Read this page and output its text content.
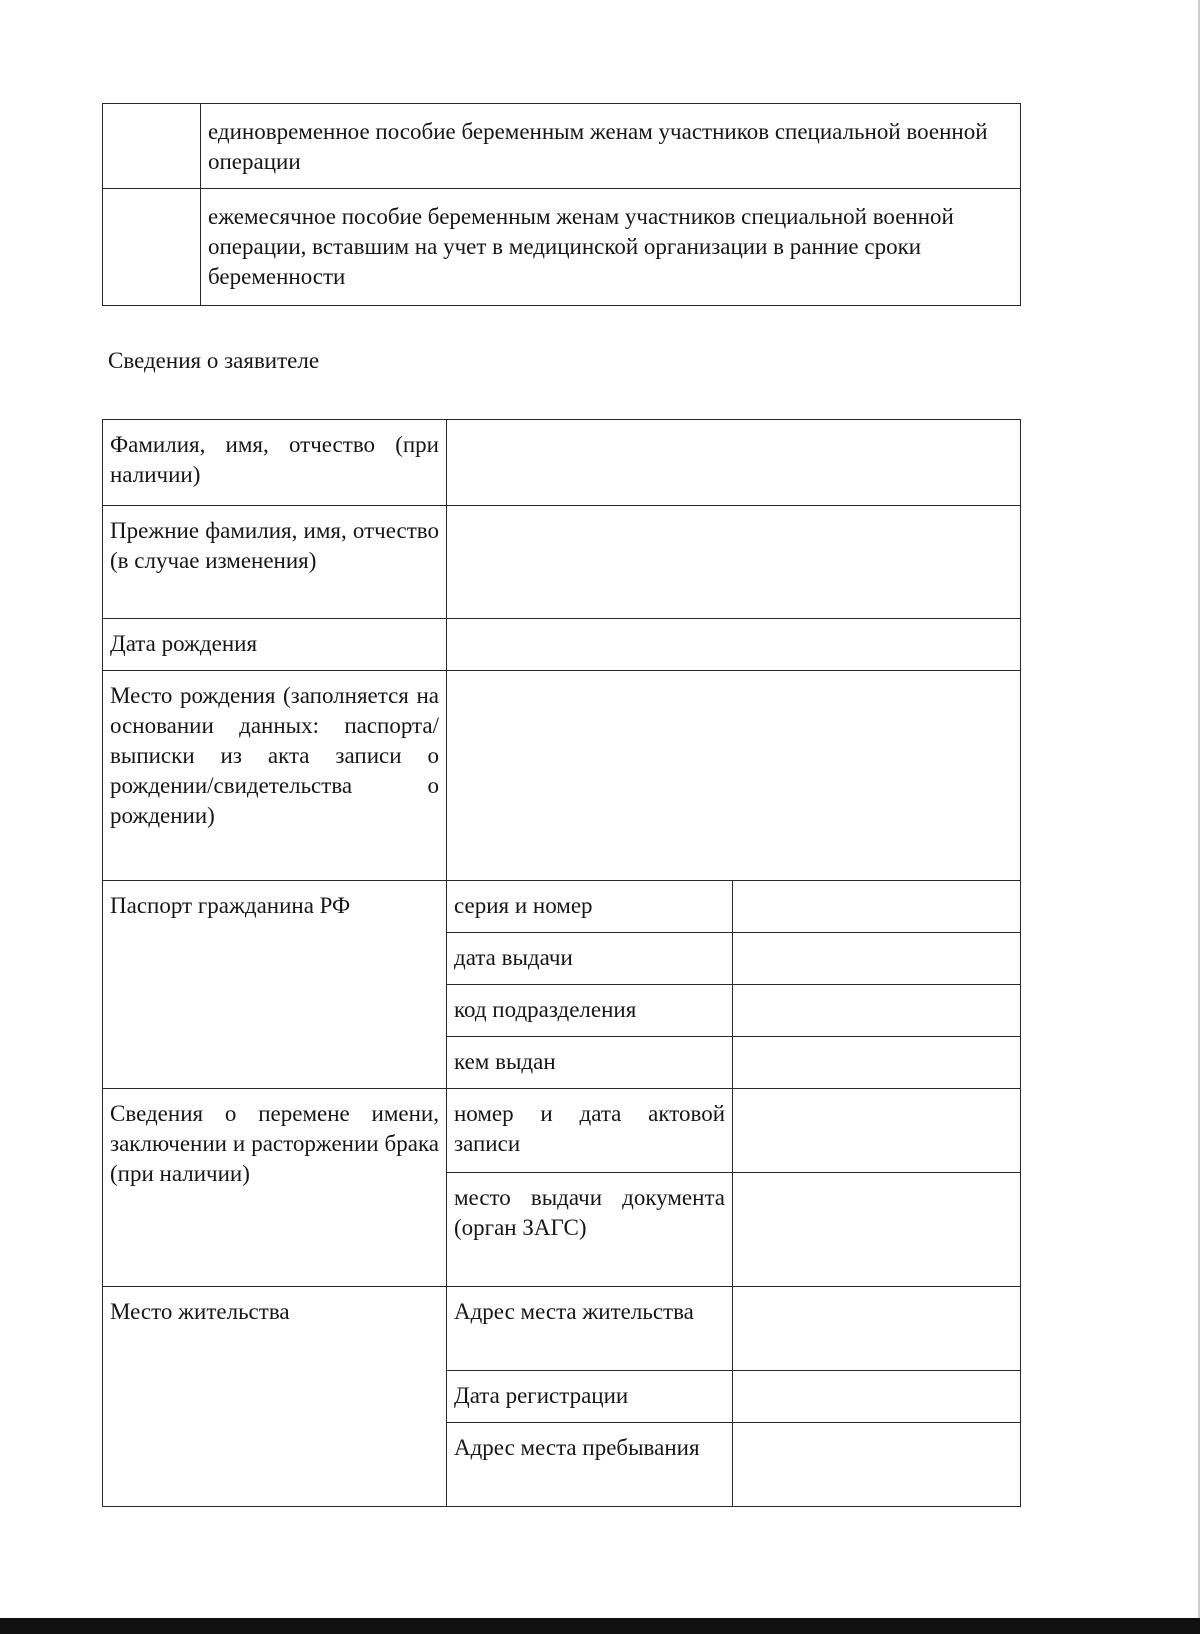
	единовременное пособие беременным женам участников специальной военной операции
	ежемесячное пособие беременным женам участников специальной военной операции, вставшим на учет в медицинской организации в ранние сроки беременности
Сведения о заявителе
Фамилия, имя, отчество (при наличии)		
Прежние фамилия, имя, отчество (в случае изменения)		
Дата рождения		
Место рождения (заполняется на основании данных: паспорта/выписки из акта записи о рождении/свидетельства о рождении)		
Паспорт гражданина РФ	серия и номер	
	дата выдачи	
	код подразделения	
	кем выдан	
Сведения о перемене имени, заключении и расторжении брака (при наличии)	номер и дата актовой записи	
	место выдачи документа (орган ЗАГС)	
Место жительства	Адрес места жительства	
	Дата регистрации	
	Адрес места пребывания	
